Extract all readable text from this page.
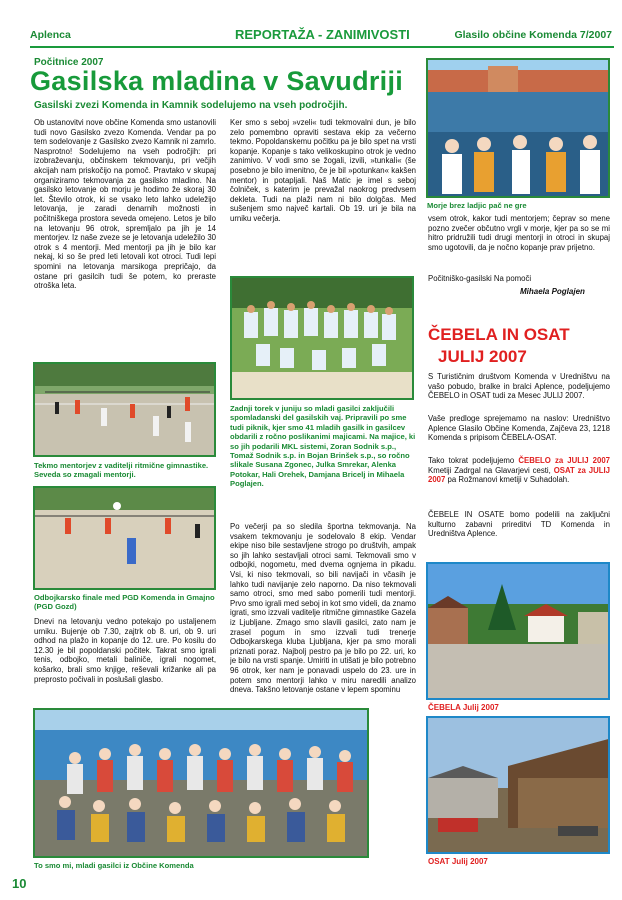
Aplenca	REPORTAŽA - ZANIMIVOSTI	Glasilo občine Komenda 7/2007
Počitnice 2007
Gasilska mladina v Savudriji
Gasilski zvezi Komenda in Kamnik sodelujemo na vseh področjih.
Ob ustanovitvi nove občine Komenda smo ustanovili tudi novo Gasilsko zvezo Komenda. Vendar pa po tem sodelovanje z Gasilsko zvezo Kamnik ni zamrlo. Nasprotno! Sodelujemo na vseh področjih: pri izobraževanju, občinskem tekmovanju, pri večjih akcijah nam priskočijo na pomoč. Pravtako v skupaj organiziramo tekmovanja za gasilsko mladino. Na gasilsko letovanje ob morju je hodimo že skoraj 30 let. Število otrok, ki se vsako leto lahko udeležijo letovanja, je zaradi denarnih možnosti in počitniškega prostora seveda omejeno. Letos je bilo na letovanju 96 otrok, spremljalo pa jih je 14 mentorjev. Iz naše zveze se je letovanja udeležilo 30 otrok s 4 mentorji. Med mentorji pa jih je bilo kar nekaj, ki so še pred leti letovali kot otroci. Tudi lepi spomini na letovanja marsikoga prepričajo, da ostane pri gasilcih tudi še potem, ko preraste otroška leta.
Tekmo mentorjev z vaditelji ritmične gimnastike. Seveda so zmagali mentorji.
Odbojkarsko finale med PGD Komenda in Gmajno (PGD Gozd)
Dnevi na letovanju vedno potekajo po ustaljenem urniku. Bujenje ob 7.30, zajtrk ob 8. uri, ob 9. uri odhod na plažo in kopanje do 12. ure. Po kosilu do 12.30 je bil popoldanski počitek. Takrat smo igrali tenis, odbojko, metali baliniče, igrali nogomet, košarko, brali smo knjige, reševali križanke ali pa preprosto počivali in poslušali glasbo.
Ker smo s seboj »vzeli« tudi tekmovalni dun, je bilo zelo pomembno opraviti sestava ekip za večerno tekmo. Popoldanskemu počitku pa je bilo spet na vrsti kopanje. Kopanje s tako velikoskupino otrok je vedno zanimivo. V vodi smo se žogali, izvili, »tunkali« (še posebno je bilo imenitno, če je bil »potunkan« kakšen mentor) in potapljali. Naš Matic je imel s seboj čolniček, s katerim je prevažal naokrog predvsem dekleta. Tudi na plaži nam ni bilo dolgčas. Med sušenjem smo največ kartali. Ob 19. uri je bila na urniku večerja.
Zadnji torek v juniju so mladi gasilci zaključili spomladanski del gasilskih vaj. Pripravili po sme tudi piknik, kjer smo 41 mladih gasilk in gasilcev obdarili z ročno poslikanimi majicami. Na majice, ki so jih podarili MKL sistemi, Zoran Sodnik s.p., Tomaž Sodnik s.p. in Bojan Brinšek s.p., so ročno slikale Susana Zgonec, Julka Smrekar, Alenka Potokar, Hali Orehek, Damjana Bricelj in Mihaela Poglajen.
Po večerji pa so sledila športna tekmovanja. Na vsakem tekmovanju je sodelovalo 8 ekip. Vendar ekipe niso bile sestavljene strogo po društvih, ampak so jih lahko sestavljali otroci sami. Tekmovali smo v odbojki, nogometu, med dvema ognjema in pikadu. Vsi, ki niso tekmovali, so bili navijači in včasih je lahko tudi navijanje zelo naporno. Da niso tekmovali samo otroci, smo med sabo pomerili tudi mentorji. Prvo smo igrali med seboj in kot smo videli, da znamo igrati, smo izzvali vaditelje ritmične gimnastike Gazela iz Ljubljane. Zmago smo slavili gasilci, zato nam je zrasel pogum in smo izzvali tudi trenerje Odbojkarskega kluba Ljubljana, kjer pa smo morali priznati poraz. Najbolj pestro pa je bilo po 22. uri, ko je bilo na vrsti spanje. Umiriti in utišati je bilo potrebno 96 otrok, ker nam je ponavadi uspelo do 23. ure in potem smo mentorji lahko v miru naredili analizo dneva. Takšno letovanje ostane v lepem spominu
Morje brez ladjic pač ne gre
vsem otrok, kakor tudi mentorjem; čeprav so mene pozno zvečer občutno vrgli v morje, kjer pa so se mi hitro pridružili tudi drugi mentorji in otroci in skupaj smo ugotovili, da je nočno kopanje prav prijetno.
Počitniško-gasilski Na pomoči
Mihaela Poglajen
ČEBELA IN OSAT
JULIJ 2007
S Turističnim društvom Komenda v Uredništvu na vašo pobudo, bralke in bralci Aplence, podeljujemo ČEBELO in OSAT tudi za Mesec JULIJ 2007.
Vaše predloge sprejemamo na naslov: Uredništvo Aplence Glasilo Občine Komenda, Zajčeva 23, 1218 Komenda s pripisom ČEBELA-OSAT.
Tako tokrat podeljujemo ČEBELO za JULIJ 2007 Kmetiji Zadrgal na Glavarjevi cesti, OSAT za JULIJ 2007 pa Rožmanovi kmetiji v Suhadolah.
ČEBELE IN OSATE bomo podelili na zaključni kulturno zabavni prireditvi TD Komenda in Uredništva Aplence.
ČEBELA Julij 2007
OSAT Julij 2007
To smo mi, mladi gasilci iz Občine Komenda
10
